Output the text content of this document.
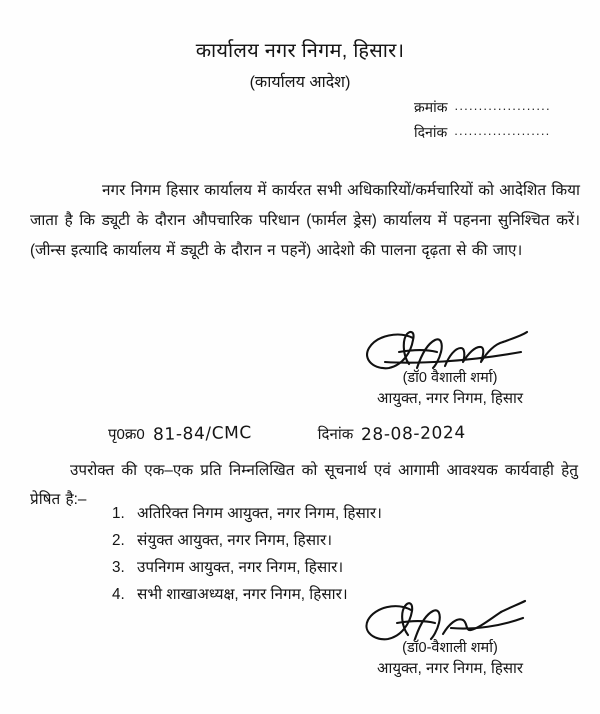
कार्यालय नगर निगम, हिसार।
(कार्यालय आदेश)
क्रमांक ....................
दिनांक ....................
नगर निगम हिसार कार्यालय में कार्यरत सभी अधिकारियों/कर्मचारियों को आदेशित किया जाता है कि ड्यूटी के दौरान औपचारिक परिधान (फार्मल ड्रेस) कार्यालय में पहनना सुनिश्चित करें। (जीन्स इत्यादि कार्यालय में ड्यूटी के दौरान न पहनें) आदेशो की पालना दृढ़ता से की जाए।
(डॉ0 वैशाली शर्मा)
आयुक्त, नगर निगम, हिसार
पृ0क्र0 81-84/CMC	दिनांक 28-08-2024
उपरोक्त की एक–एक प्रति निम्नलिखित को सूचनार्थ एवं आगामी आवश्यक कार्यवाही हेतु प्रेषित है:–
1. अतिरिक्त निगम आयुक्त, नगर निगम, हिसार।
2. संयुक्त आयुक्त, नगर निगम, हिसार।
3. उपनिगम आयुक्त, नगर निगम, हिसार।
4. सभी शाखाअध्यक्ष, नगर निगम, हिसार।
(डॉ0-वैशाली शर्मा)
आयुक्त, नगर निगम, हिसार
